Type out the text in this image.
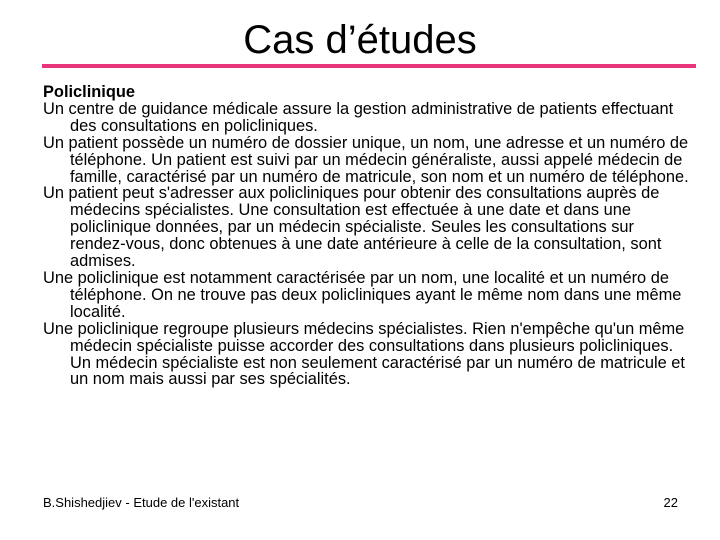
Cas d’études

Policlinique

Un centre de guidance médicale assure la gestion administrative de patients effectuant des consultations en policliniques.

Un patient possède un numéro de dossier unique, un nom, une adresse et un numéro de téléphone. Un patient est suivi par un médecin généraliste, aussi appelé médecin de famille, caractérisé par un numéro de matricule, son nom et un numéro de téléphone.

Un patient peut s'adresser aux policliniques pour obtenir des consultations auprès de médecins spécialistes. Une consultation est effectuée à une date et dans une policlinique données, par un médecin spécialiste. Seules les consultations sur rendez-vous, donc obtenues à une date antérieure à celle de la consultation, sont admises.

Une policlinique est notamment caractérisée par un nom, une localité et un numéro de téléphone. On ne trouve pas deux policliniques ayant le même nom dans une même localité.

Une policlinique regroupe plusieurs médecins spécialistes. Rien n'empêche qu'un même médecin spécialiste puisse accorder des consultations dans plusieurs policliniques. Un médecin spécialiste est non seulement caractérisé par un numéro de matricule et un nom mais aussi par ses spécialités.

B.Shishedjiev - Etude de l'existant	22
